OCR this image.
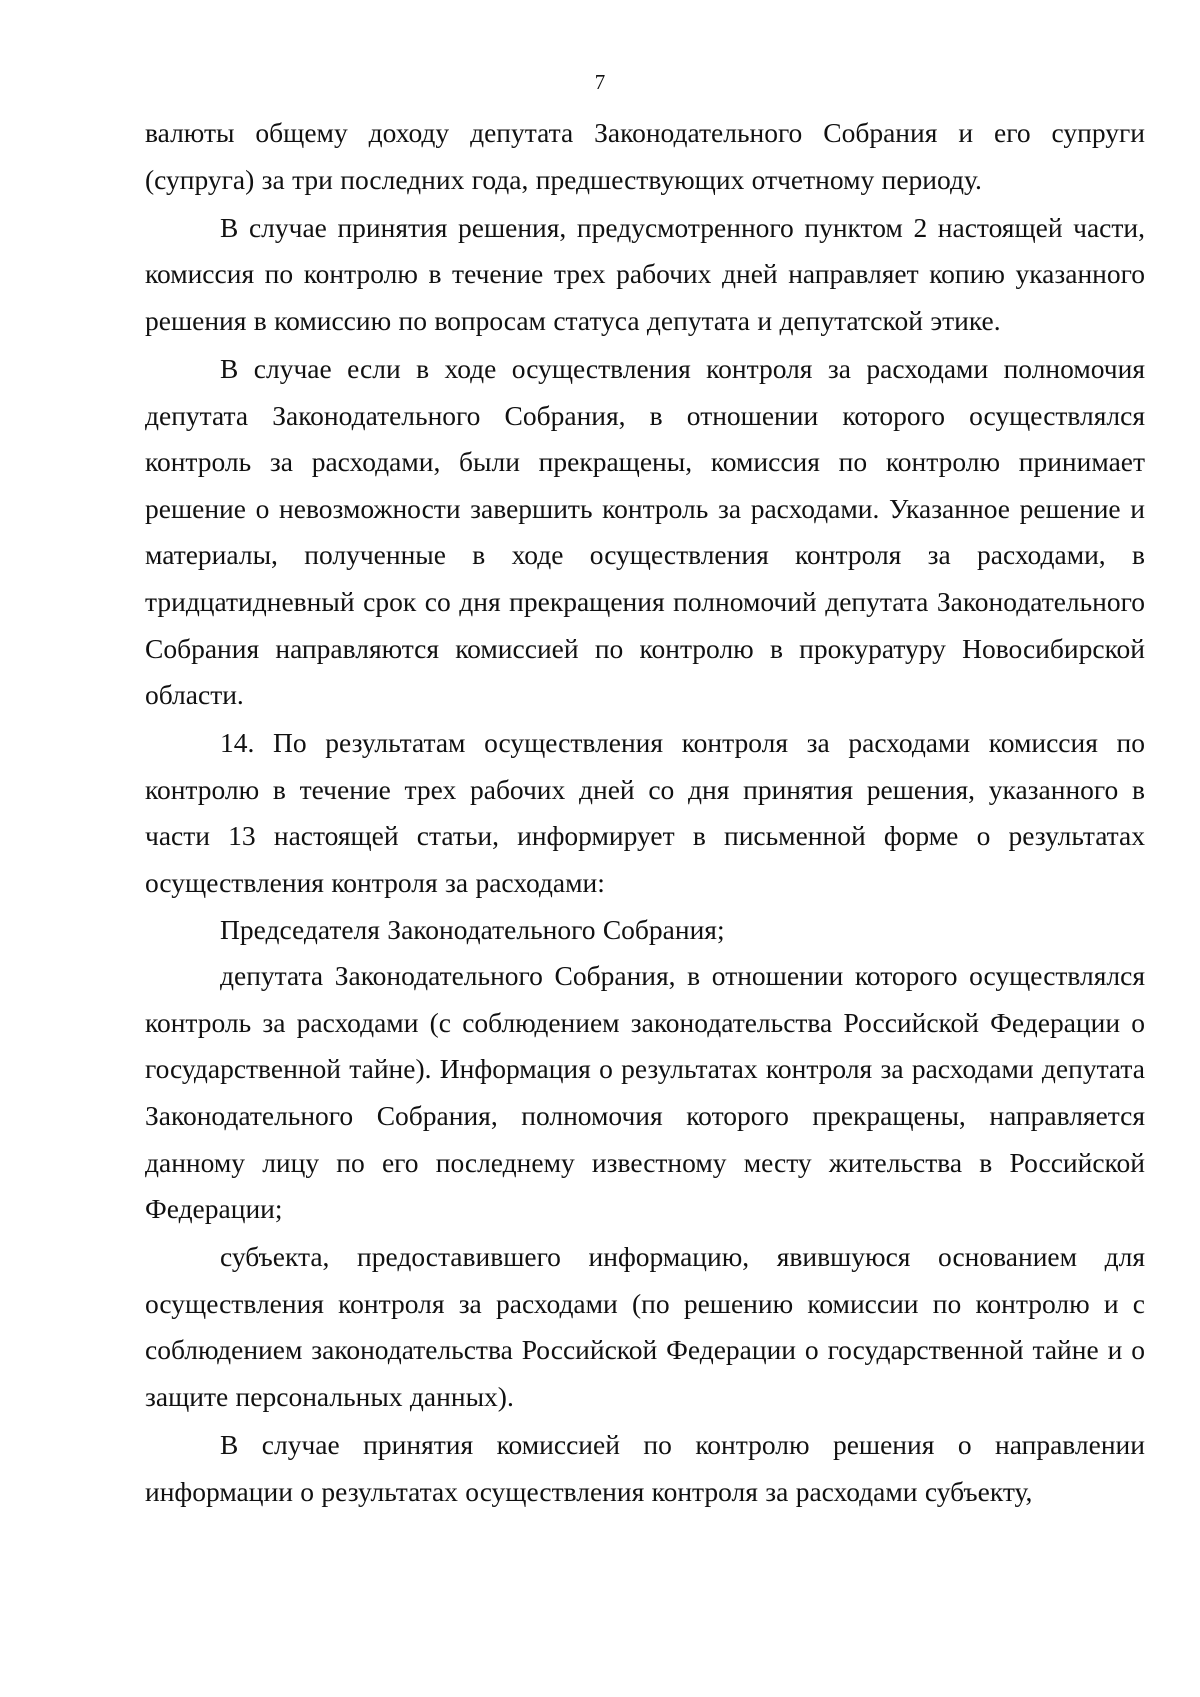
7

валюты общему доходу депутата Законодательного Собрания и его супруги (супруга) за три последних года, предшествующих отчетному периоду.

В случае принятия решения, предусмотренного пунктом 2 настоящей части, комиссия по контролю в течение трех рабочих дней направляет копию указанного решения в комиссию по вопросам статуса депутата и депутатской этике.

В случае если в ходе осуществления контроля за расходами полномочия депутата Законодательного Собрания, в отношении которого осуществлялся контроль за расходами, были прекращены, комиссия по контролю принимает решение о невозможности завершить контроль за расходами. Указанное решение и материалы, полученные в ходе осуществления контроля за расходами, в тридцатидневный срок со дня прекращения полномочий депутата Законодательного Собрания направляются комиссией по контролю в прокуратуру Новосибирской области.

14. По результатам осуществления контроля за расходами комиссия по контролю в течение трех рабочих дней со дня принятия решения, указанного в части 13 настоящей статьи, информирует в письменной форме о результатах осуществления контроля за расходами:

Председателя Законодательного Собрания;

депутата Законодательного Собрания, в отношении которого осуществлялся контроль за расходами (с соблюдением законодательства Российской Федерации о государственной тайне). Информация о результатах контроля за расходами депутата Законодательного Собрания, полномочия которого прекращены, направляется данному лицу по его последнему известному месту жительства в Российской Федерации;

субъекта, предоставившего информацию, явившуюся основанием для осуществления контроля за расходами (по решению комиссии по контролю и с соблюдением законодательства Российской Федерации о государственной тайне и о защите персональных данных).

В случае принятия комиссией по контролю решения о направлении информации о результатах осуществления контроля за расходами субъекту,
